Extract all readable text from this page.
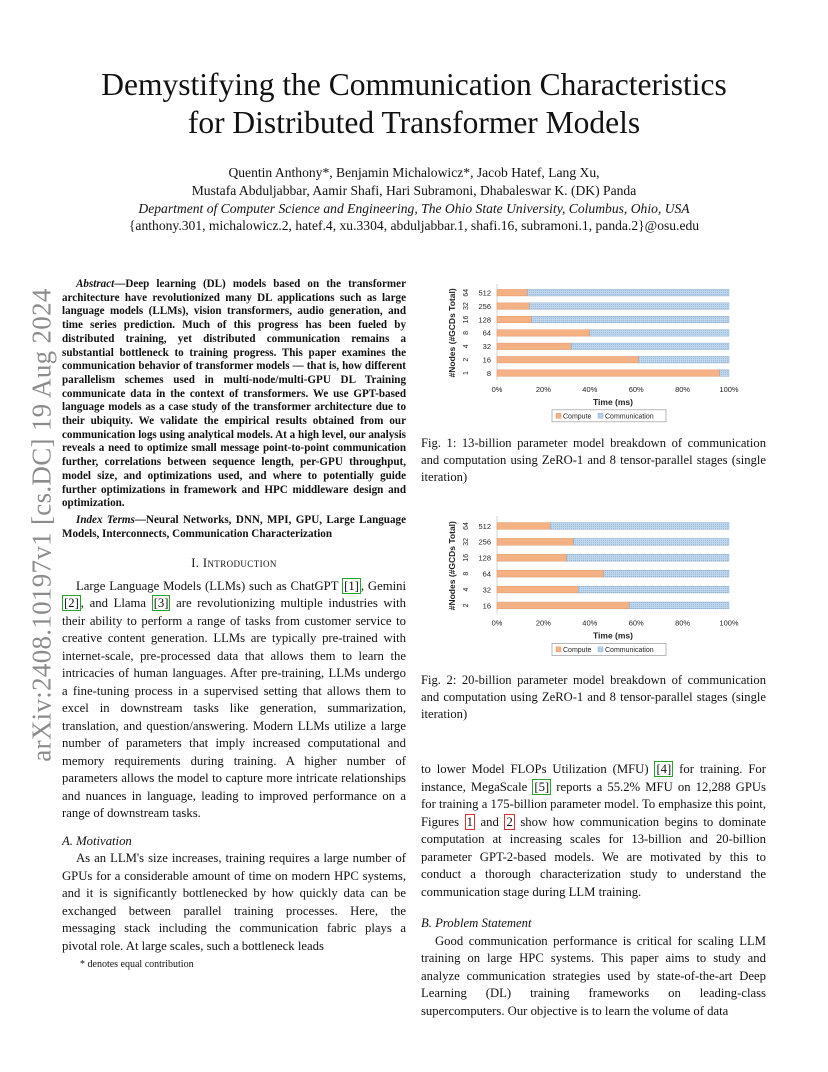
arXiv:2408.10197v1 [cs.DC] 19 Aug 2024
Demystifying the Communication Characteristics
for Distributed Transformer Models
Quentin Anthony*, Benjamin Michalowicz*, Jacob Hatef, Lang Xu,
Mustafa Abduljabbar, Aamir Shafi, Hari Subramoni, Dhabaleswar K. (DK) Panda
Department of Computer Science and Engineering, The Ohio State University, Columbus, Ohio, USA
{anthony.301, michalowicz.2, hatef.4, xu.3304, abduljabbar.1, shafi.16, subramoni.1, panda.2}@osu.edu

Abstract—Deep learning (DL) models based on the transformer architecture have revolutionized many DL applications such as large language models (LLMs), vision transformers, audio generation, and time series prediction. Much of this progress has been fueled by distributed training, yet distributed communication remains a substantial bottleneck to training progress. This paper examines the communication behavior of transformer models — that is, how different parallelism schemes used in multi-node/multi-GPU DL Training communicate data in the context of transformers. We use GPT-based language models as a case study of the transformer architecture due to their ubiquity. We validate the empirical results obtained from our communication logs using analytical models. At a high level, our analysis reveals a need to optimize small message point-to-point communication further, correlations between sequence length, per-GPU throughput, model size, and optimizations used, and where to potentially guide further optimizations in framework and HPC middleware design and optimization.

Index Terms—Neural Networks, DNN, MPI, GPU, Large Language Models, Interconnects, Communication Characterization

I. Introduction

Large Language Models (LLMs) such as ChatGPT [1] , Gemini [2] , and Llama [3] are revolutionizing multiple industries with their ability to perform a range of tasks from customer service to creative content generation. LLMs are typically pre-trained with internet-scale, pre-processed data that allows them to learn the intricacies of human languages. After pre-training, LLMs undergo a fine-tuning process in a supervised setting that allows them to excel in downstream tasks like generation, summarization, translation, and question/answering. Modern LLMs utilize a large number of parameters that imply increased computational and memory requirements during training. A higher number of parameters allows the model to capture more intricate relationships and nuances in language, leading to improved performance on a range of downstream tasks.

A. Motivation

As an LLM's size increases, training requires a large number of GPUs for a considerable amount of time on modern HPC systems, and it is significantly bottlenecked by how quickly data can be exchanged between parallel training processes. Here, the messaging stack including the communication fabric plays a pivotal role. At large scales, such a bottleneck leads

* denotes equal contribution
#Nodes (#GCDs Total)	8
1
16
2
32
4
64
8
128
16
256
32
512
64
0%	20%	40%	60%	80%	100%
Time (ms)
Compute Communication

Fig. 1: 13-billion parameter model breakdown of communication and computation using ZeRO-1 and 8 tensor-parallel stages (single iteration)

#Nodes (#GCDs Total)	16
2
32
4
64
8
128
16
256
32
512
64
0%	20%	40%	60%	80%	100%
Time (ms)
Compute Communication

Fig. 2: 20-billion parameter model breakdown of communication and computation using ZeRO-1 and 8 tensor-parallel stages (single iteration)

to lower Model FLOPs Utilization (MFU) [4] for training. For instance, MegaScale [5] reports a 55.2% MFU on 12,288 GPUs for training a 175-billion parameter model. To emphasize this point, Figures 1 and 2 show how communication begins to dominate computation at increasing scales for 13-billion and 20-billion parameter GPT-2-based models. We are motivated by this to conduct a thorough characterization study to understand the communication stage during LLM training.

B. Problem Statement

Good communication performance is critical for scaling LLM training on large HPC systems. This paper aims to study and analyze communication strategies used by state-of-the-art Deep Learning (DL) training frameworks on leading-class supercomputers. Our objective is to learn the volume of data
